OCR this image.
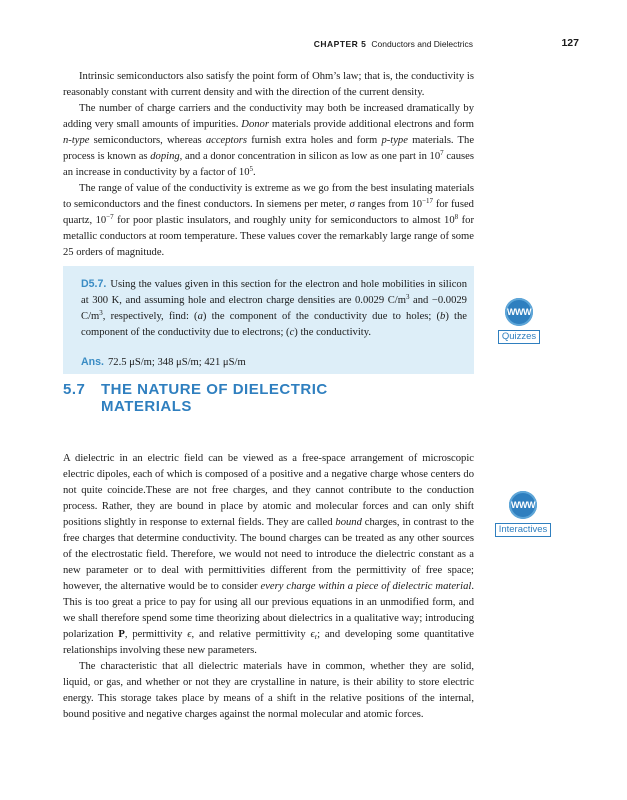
CHAPTER 5 Conductors and Dielectrics	127

Intrinsic semiconductors also satisfy the point form of Ohm’s law; that is, the conductivity is reasonably constant with current density and with the direction of the current density.

The number of charge carriers and the conductivity may both be increased dramatically by adding very small amounts of impurities. Donor materials provide additional electrons and form n-type semiconductors, whereas acceptors furnish extra holes and form p-type materials. The process is known as doping, and a donor concentration in silicon as low as one part in $10^7$ causes an increase in conductivity by a factor of $10^5$.

The range of value of the conductivity is extreme as we go from the best insulating materials to semiconductors and the finest conductors. In siemens per meter, σ ranges from $10^{-17}$ for fused quartz, $10^{-7}$ for poor plastic insulators, and roughly unity for semiconductors to almost $10^8$ for metallic conductors at room temperature. These values cover the remarkably large range of some 25 orders of magnitude.

D5.7. Using the values given in this section for the electron and hole mobilities in silicon at 300 K, and assuming hole and electron charge densities are 0.0029 $C/m^3$ and −0.0029 $C/m^3$, respectively, find: (a) the component of the conductivity due to holes; (b) the component of the conductivity due to electrons; (c) the conductivity.

Ans. 72.5 μS/m; 348 μS/m; 421 μS/m

5.7 THE NATURE OF DIELECTRIC
MATERIALS

A dielectric in an electric field can be viewed as a free-space arrangement of microscopic electric dipoles, each of which is composed of a positive and a negative charge whose centers do not quite coincide.These are not free charges, and they cannot contribute to the conduction process. Rather, they are bound in place by atomic and molecular forces and can only shift positions slightly in response to external fields. They are called bound charges, in contrast to the free charges that determine conductivity. The bound charges can be treated as any other sources of the electrostatic field. Therefore, we would not need to introduce the dielectric constant as a new parameter or to deal with permittivities different from the permittivity of free space; however, the alternative would be to consider every charge within a piece of dielectric material. This is too great a price to pay for using all our previous equations in an unmodified form, and we shall therefore spend some time theorizing about dielectrics in a qualitative way; introducing polarization P, permittivity ϵ, and relative permittivity $\epsilon_r$; and developing some quantitative relationships involving these new parameters.

The characteristic that all dielectric materials have in common, whether they are solid, liquid, or gas, and whether or not they are crystalline in nature, is their ability to store electric energy. This storage takes place by means of a shift in the relative positions of the internal, bound positive and negative charges against the normal molecular and atomic forces.

WWW
Quizzes
WWW
Interactives
